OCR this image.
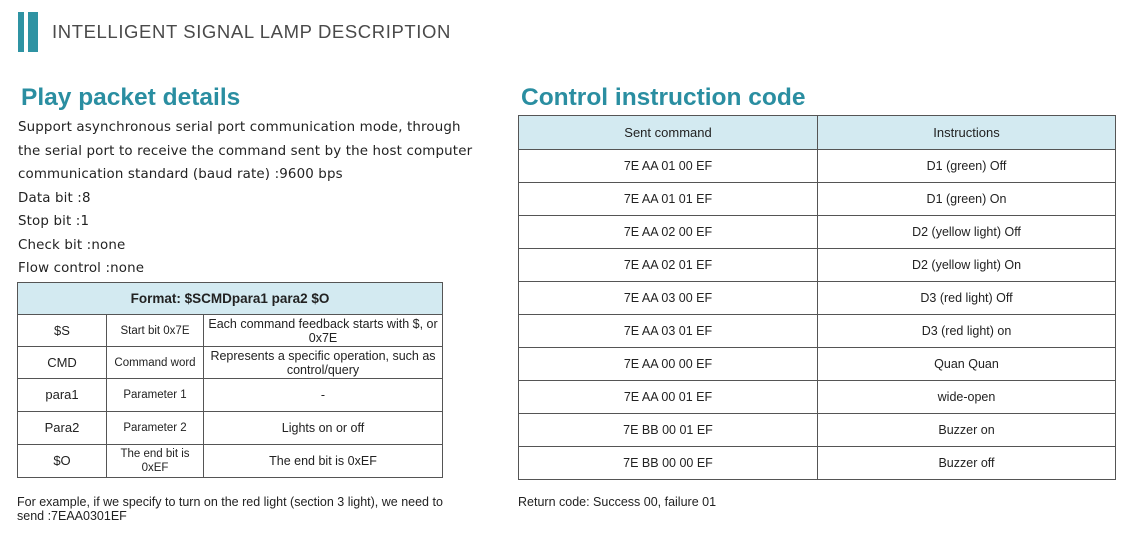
INTELLIGENT SIGNAL LAMP DESCRIPTION
Play packet details
Support asynchronous serial port communication mode, through
the serial port to receive the command sent by the host computer
communication standard (baud rate) :9600 bps
Data bit :8
Stop bit :1
Check bit :none
Flow control :none
Format: $SCMDpara1 para2 $O		
$S	Start bit 0x7E	Each command feedback starts with $, or 0x7E
CMD	Command word	Represents a specific operation, such as control/query
para1	Parameter 1	-
Para2	Parameter 2	Lights on or off
$O	The end bit is 0xEF	The end bit is 0xEF
For example, if we specify to turn on the red light (section 3 light), we need to send :7EAA0301EF
Control instruction code
Sent command	Instructions
7E AA 01 00 EF	D1 (green) Off
7E AA 01 01 EF	D1 (green) On
7E AA 02 00 EF	D2 (yellow light) Off
7E AA 02 01 EF	D2 (yellow light) On
7E AA 03 00 EF	D3 (red light) Off
7E AA 03 01 EF	D3 (red light) on
7E AA 00 00 EF	Quan Quan
7E AA 00 01 EF	wide-open
7E BB 00 01 EF	Buzzer on
7E BB 00 00 EF	Buzzer off
Return code: Success 00, failure 01
